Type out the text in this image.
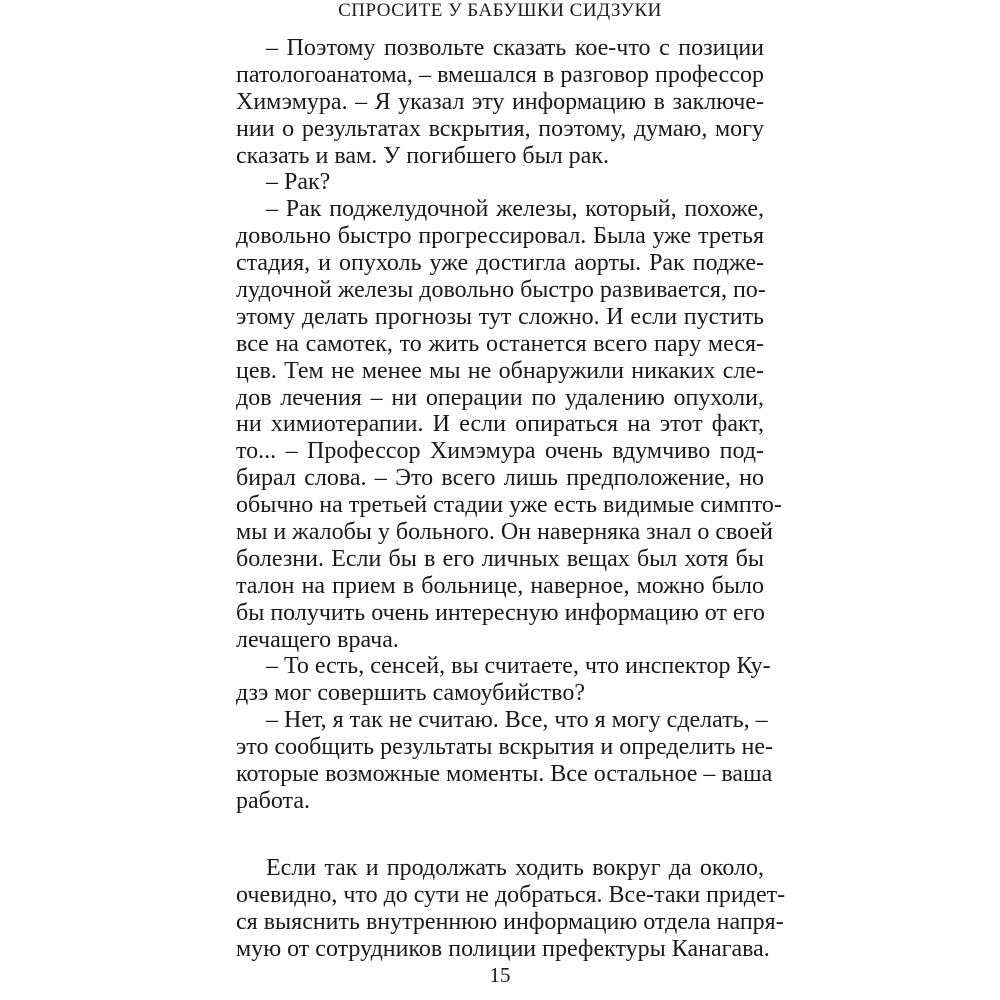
СПРОСИТЕ У БАБУШКИ СИДЗУКИ
– Поэтому позвольте сказать кое-что с позиции
патологоанатома, – вмешался в разговор профессор
Химэмура. – Я указал эту информацию в заключе-
нии о результатах вскрытия, поэтому, думаю, могу
сказать и вам. У погибшего был рак.
– Рак?
– Рак поджелудочной железы, который, похоже,
довольно быстро прогрессировал. Была уже третья
стадия, и опухоль уже достигла аорты. Рак подже-
лудочной железы довольно быстро развивается, по-
этому делать прогнозы тут сложно. И если пустить
все на самотек, то жить останется всего пару меся-
цев. Тем не менее мы не обнаружили никаких сле-
дов лечения – ни операции по удалению опухоли,
ни химиотерапии. И если опираться на этот факт,
то... – Профессор Химэмура очень вдумчиво под-
бирал слова. – Это всего лишь предположение, но
обычно на третьей стадии уже есть видимые симпто-
мы и жалобы у больного. Он наверняка знал о своей
болезни. Если бы в его личных вещах был хотя бы
талон на прием в больнице, наверное, можно было
бы получить очень интересную информацию от его
лечащего врача.
– То есть, сенсей, вы считаете, что инспектор Ку-
дзэ мог совершить самоубийство?
– Нет, я так не считаю. Все, что я могу сделать, –
это сообщить результаты вскрытия и определить не-
которые возможные моменты. Все остальное – ваша
работа.
Если так и продолжать ходить вокруг да около,
очевидно, что до сути не добраться. Все-таки придет-
ся выяснить внутреннюю информацию отдела напря-
мую от сотрудников полиции префектуры Канагава.
15
